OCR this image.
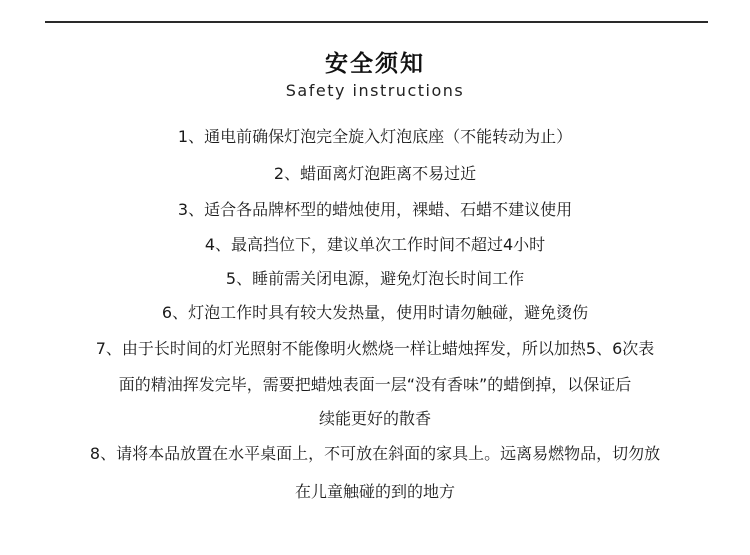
安全须知
Safety instructions
1、通电前确保灯泡完全旋入灯泡底座（不能转动为止）
2、蜡面离灯泡距离不易过近
3、适合各品牌杯型的蜡烛使用，裸蜡、石蜡不建议使用
4、最高挡位下，建议单次工作时间不超过4小时
5、睡前需关闭电源，避免灯泡长时间工作
6、灯泡工作时具有较大发热量，使用时请勿触碰，避免烫伤
7、由于长时间的灯光照射不能像明火燃烧一样让蜡烛挥发，所以加热5、6次表
面的精油挥发完毕，需要把蜡烛表面一层“没有香味”的蜡倒掉，以保证后
续能更好的散香
8、请将本品放置在水平桌面上，不可放在斜面的家具上。远离易燃物品，切勿放
在儿童触碰的到的地方
